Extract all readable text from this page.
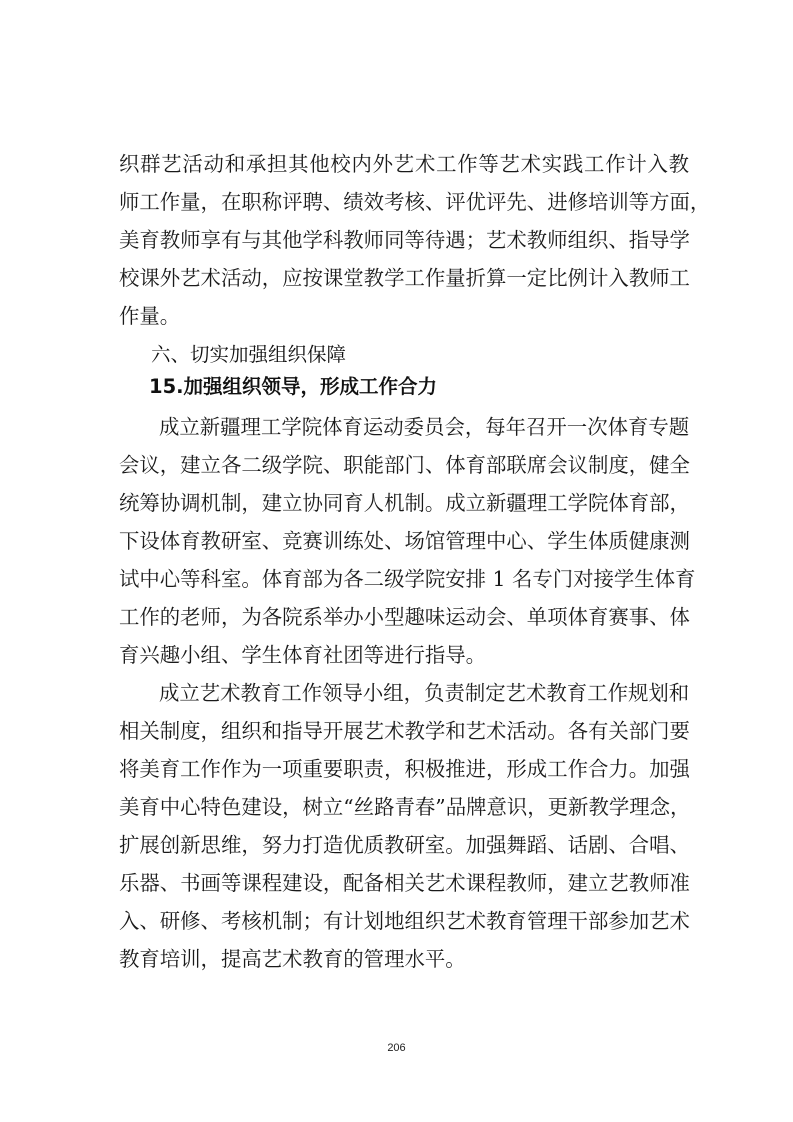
织群艺活动和承担其他校内外艺术工作等艺术实践工作计入教
师工作量，在职称评聘、绩效考核、评优评先、进修培训等方面，
美育教师享有与其他学科教师同等待遇；艺术教师组织、指导学
校课外艺术活动，应按课堂教学工作量折算一定比例计入教师工
作量。
六、切实加强组织保障
15.加强组织领导，形成工作合力
成立新疆理工学院体育运动委员会，每年召开一次体育专题
会议，建立各二级学院、职能部门、体育部联席会议制度，健全
统筹协调机制，建立协同育人机制。成立新疆理工学院体育部，
下设体育教研室、竞赛训练处、场馆管理中心、学生体质健康测
试中心等科室。体育部为各二级学院安排 1 名专门对接学生体育
工作的老师，为各院系举办小型趣味运动会、单项体育赛事、体
育兴趣小组、学生体育社团等进行指导。
成立艺术教育工作领导小组，负责制定艺术教育工作规划和
相关制度，组织和指导开展艺术教学和艺术活动。各有关部门要
将美育工作作为一项重要职责，积极推进，形成工作合力。加强
美育中心特色建设，树立“丝路青春”品牌意识，更新教学理念，
扩展创新思维，努力打造优质教研室。加强舞蹈、话剧、合唱、
乐器、书画等课程建设，配备相关艺术课程教师，建立艺教师准
入、研修、考核机制；有计划地组织艺术教育管理干部参加艺术
教育培训，提高艺术教育的管理水平。
206
